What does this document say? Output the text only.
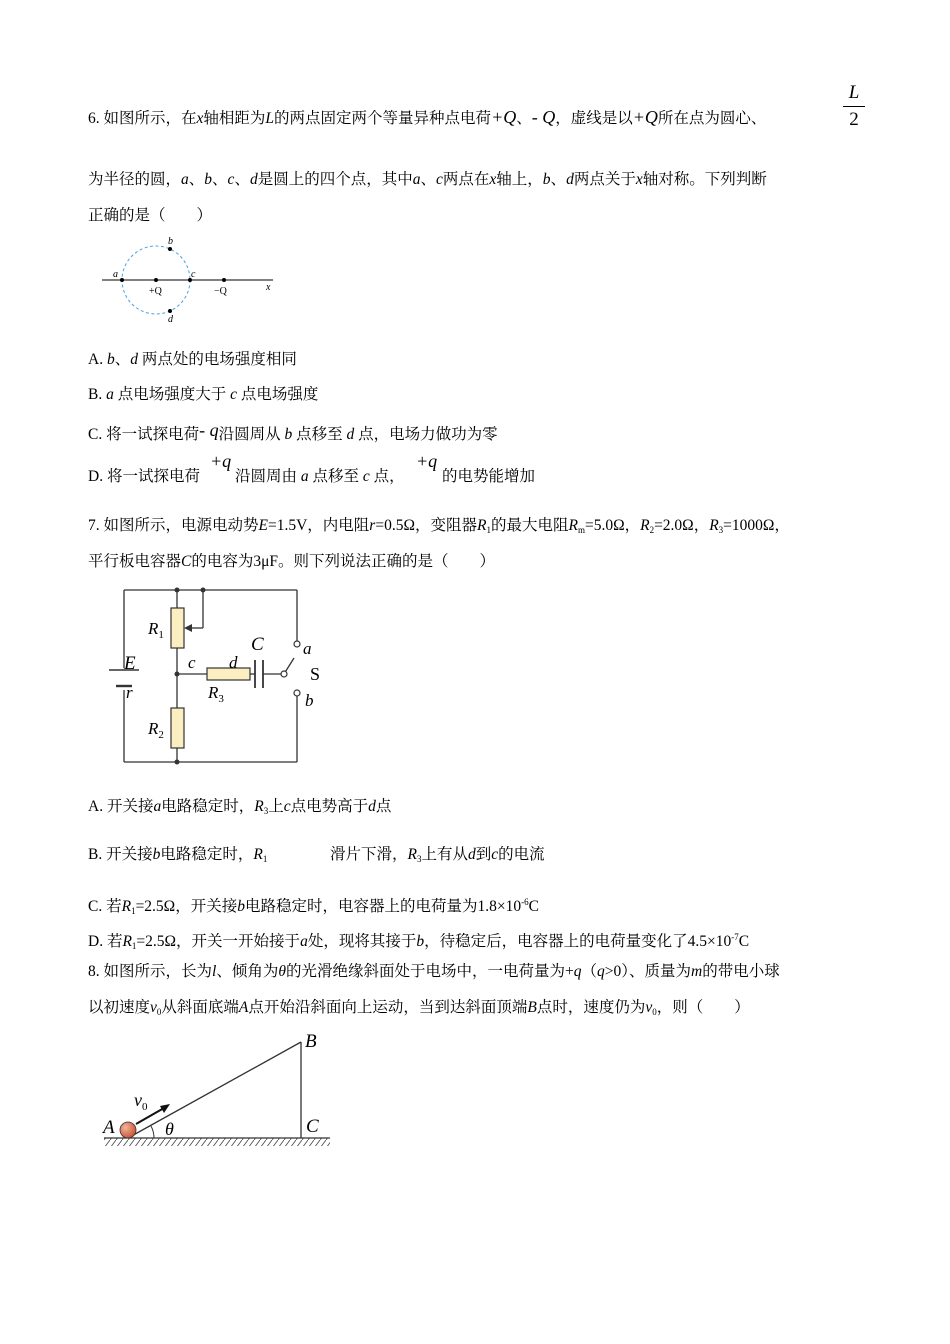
6. 如图所示，在x轴相距为L的两点固定两个等量异种点电荷+Q、- Q，虚线是以+Q所在点为圆心、
L
2
为半径的圆，a、b、c、d是圆上的四个点，其中a、c两点在x轴上，b、d两点关于x轴对称。下列判断
正确的是（　　）
a
b
c
d
+Q	−Q	x
A. b、d 两点处的电场强度相同
B. a 点电场强度大于 c 点电场强度
C. 将一试探电荷- q沿圆周从 b 点移至 d 点，电场力做功为零
D. 将一试探电荷
+q
沿圆周由 a 点移至 c 点，
+q
的电势能增加
7. 如图所示，电源电动势E=1.5V，内电阻r=0.5Ω，变阻器$R_1$的最大电阻$R_m=5.0\Omega$，$R_2=2.0\Omega$，$R_3=1000\Omega$，
平行板电容器C的电容为3μF。则下列说法正确的是（　　）
$R_1$
$R_2$
$R_3$
C
E
r
c d
a
b
S
A. 开关接a电路稳定时，$R_3$上c点电势高于d点
B. 开关接b电路稳定时，$R_1$	滑片下滑，$R_3$上有从d到c的电流
C. 若$R_1=2.5\Omega$，开关接b电路稳定时，电容器上的电荷量为$1.8\times 10^{-6}C$
D. 若$R_1=2.5\Omega$，开关一开始接于a处，现将其接于b，待稳定后，电容器上的电荷量变化了$4.5\times 10^{-7}C$
8. 如图所示，长为l、倾角为θ的光滑绝缘斜面处于电场中，一电荷量为+q（q>0）、质量为m的带电小球
以初速度$v_0$从斜面底端A点开始沿斜面向上运动，当到达斜面顶端B点时，速度仍为$v_0$，则（　　）
A
B
C
θ
$v_0$
